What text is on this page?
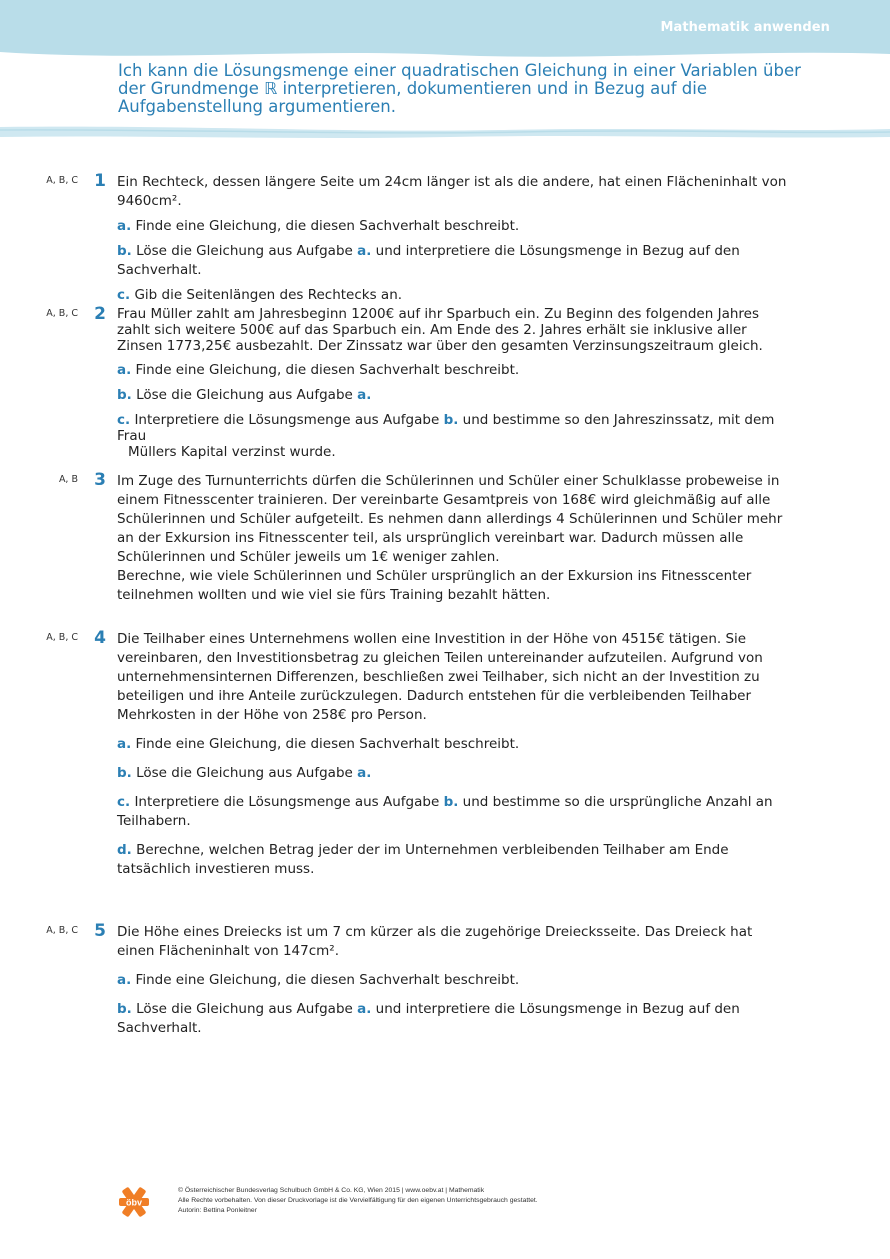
Mathematik anwenden
Ich kann die Lösungsmenge einer quadratischen Gleichung in einer Variablen über der Grundmenge ℝ interpretieren, dokumentieren und in Bezug auf die Aufgabenstellung argumentieren.
A, B, C 1 Ein Rechteck, dessen längere Seite um 24cm länger ist als die andere, hat einen Flächeninhalt von 9460cm².

a. Finde eine Gleichung, die diesen Sachverhalt beschreibt.

b. Löse die Gleichung aus Aufgabe a. und interpretiere die Lösungsmenge in Bezug auf den Sachverhalt.

c. Gib die Seitenlängen des Rechtecks an.

A, B, C 2 Frau Müller zahlt am Jahresbeginn 1200€ auf ihr Sparbuch ein. Zu Beginn des folgenden Jahres zahlt sich weitere 500€ auf das Sparbuch ein. Am Ende des 2. Jahres erhält sie inklusive aller Zinsen 1773,25€ ausbezahlt. Der Zinssatz war über den gesamten Verzinsungszeitraum gleich.

a. Finde eine Gleichung, die diesen Sachverhalt beschreibt.

b. Löse die Gleichung aus Aufgabe a.

c. Interpretiere die Lösungsmenge aus Aufgabe b. und bestimme so den Jahreszinssatz, mit dem Frau
Müllers Kapital verzinst wurde.

A, B 3 Im Zuge des Turnunterrichts dürfen die Schülerinnen und Schüler einer Schulklasse probeweise in einem Fitnesscenter trainieren. Der vereinbarte Gesamtpreis von 168€ wird gleichmäßig auf alle Schülerinnen und Schüler aufgeteilt. Es nehmen dann allerdings 4 Schülerinnen und Schüler mehr an der Exkursion ins Fitnesscenter teil, als ursprünglich vereinbart war. Dadurch müssen alle Schülerinnen und Schüler jeweils um 1€ weniger zahlen.

Berechne, wie viele Schülerinnen und Schüler ursprünglich an der Exkursion ins Fitnesscenter teilnehmen wollten und wie viel sie fürs Training bezahlt hätten.

A, B, C 4 Die Teilhaber eines Unternehmens wollen eine Investition in der Höhe von 4515€ tätigen. Sie vereinbaren, den Investitionsbetrag zu gleichen Teilen untereinander aufzuteilen. Aufgrund von unternehmensinternen Differenzen, beschließen zwei Teilhaber, sich nicht an der Investition zu beteiligen und ihre Anteile zurückzulegen. Dadurch entstehen für die verbleibenden Teilhaber Mehrkosten in der Höhe von 258€ pro Person.

a. Finde eine Gleichung, die diesen Sachverhalt beschreibt.

b. Löse die Gleichung aus Aufgabe a.

c. Interpretiere die Lösungsmenge aus Aufgabe b. und bestimme so die ursprüngliche Anzahl an Teilhabern.

d. Berechne, welchen Betrag jeder der im Unternehmen verbleibenden Teilhaber am Ende tatsächlich investieren muss.

A, B, C 5 Die Höhe eines Dreiecks ist um 7 cm kürzer als die zugehörige Dreiecksseite. Das Dreieck hat einen Flächeninhalt von 147cm².

a. Finde eine Gleichung, die diesen Sachverhalt beschreibt.

b. Löse die Gleichung aus Aufgabe a. und interpretiere die Lösungsmenge in Bezug auf den Sachverhalt.

öbv
© Österreichischer Bundesverlag Schulbuch GmbH & Co. KG, Wien 2015 | www.oebv.at | Mathematik
Alle Rechte vorbehalten. Von dieser Druckvorlage ist die Vervielfältigung für den eigenen Unterrichtsgebrauch gestattet.
Autorin: Bettina Ponleitner
